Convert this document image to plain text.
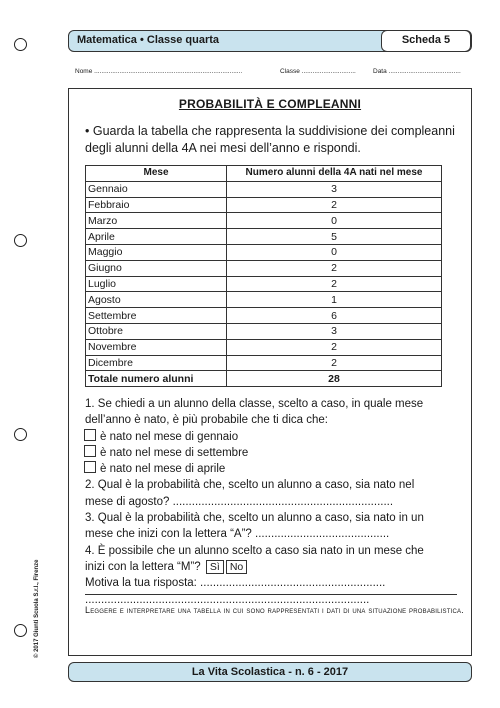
Matematica • Classe quarta	Scheda 5
Nome ..................................................................................	Classe ..............................	Data ........................................
PROBABILITÀ E COMPLEANNI
• Guarda la tabella che rappresenta la suddivisione dei compleanni degli alunni della 4A nei mesi dell’anno e rispondi.
Mese	Numero alunni della 4A nati nel mese
Gennaio	3
Febbraio	2
Marzo	0
Aprile	5
Maggio	0
Giugno	2
Luglio	2
Agosto	1
Settembre	6
Ottobre	3
Novembre	2
Dicembre	2
Totale numero alunni	28
1. Se chiedi a un alunno della classe, scelto a caso, in quale mese
dell’anno è nato, è più probabile che ti dica che:
è nato nel mese di gennaio
è nato nel mese di settembre
è nato nel mese di aprile
2. Qual è la probabilità che, scelto un alunno a caso, sia nato nel
mese di agosto? .....................................................................
3. Qual è la probabilità che, scelto un alunno a caso, sia nato in un
mese che inizi con la lettera “A”? ..........................................
4. È possibile che un alunno scelto a caso sia nato in un mese che
inizi con la lettera “M”? Sì No
Motiva la tua risposta: ..........................................................
.........................................................................................
Leggere e interpretare una tabella in cui sono rappresentati i dati di una situazione probabilistica.
La Vita Scolastica - n. 6 - 2017
© 2017 Giunti Scuola S.r.l., Firenze
